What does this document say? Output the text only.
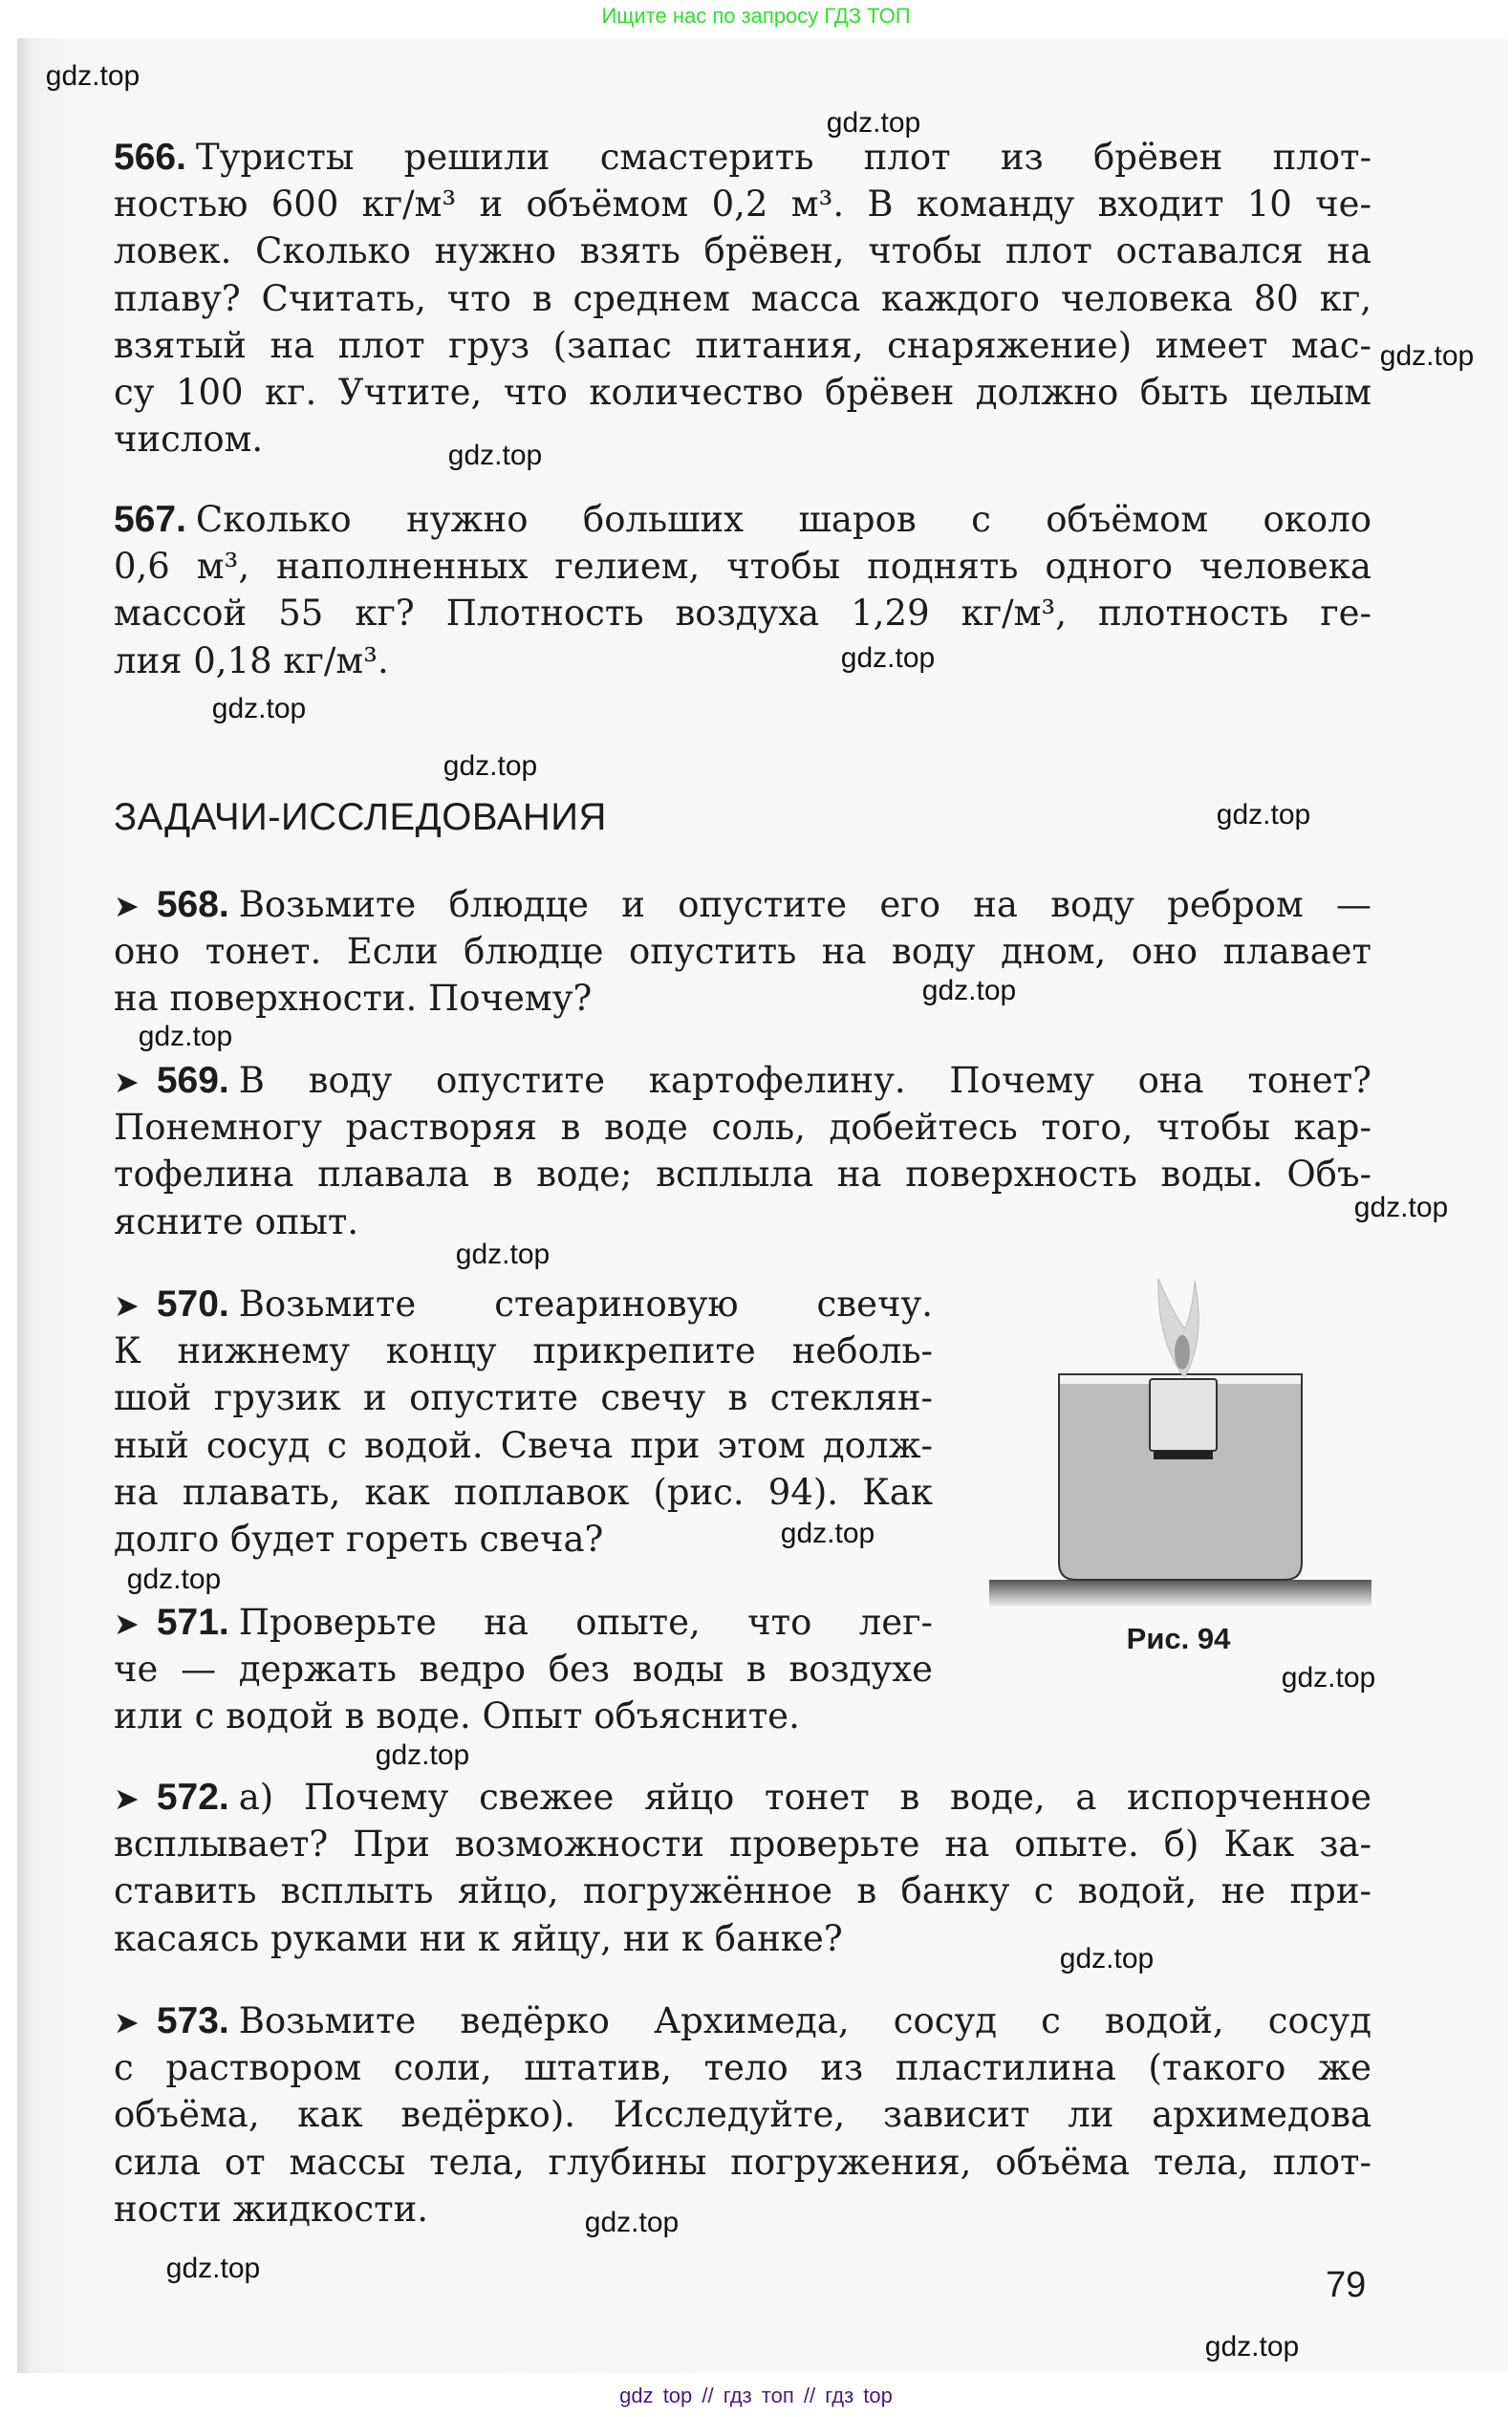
Ищите нас по запросу ГДЗ ТОП
566. Туристы решили смастерить плот из брёвен плот-
ностью 600 кг/м³ и объёмом 0,2 м³. В команду входит 10 че-
ловек. Сколько нужно взять брёвен, чтобы плот оставался на
плаву? Считать, что в среднем масса каждого человека 80 кг,
взятый на плот груз (запас питания, снаряжение) имеет мас-
су 100 кг. Учтите, что количество брёвен должно быть целым
числом.
567. Сколько нужно больших шаров с объёмом около
0,6 м³, наполненных гелием, чтобы поднять одного человека
массой 55 кг? Плотность воздуха 1,29 кг/м³, плотность ге-
лия 0,18 кг/м³.
➤ 568. Возьмите блюдце и опустите его на воду ребром —
оно тонет. Если блюдце опустить на воду дном, оно плавает
на поверхности. Почему?
➤ 569. В воду опустите картофелину. Почему она тонет?
Понемногу растворяя в воде соль, добейтесь того, чтобы кар-
тофелина плавала в воде; всплыла на поверхность воды. Объ-
ясните опыт.
➤ 570. Возьмите стеариновую свечу.
К нижнему концу прикрепите неболь-
шой грузик и опустите свечу в стеклян-
ный сосуд с водой. Свеча при этом долж-
на плавать, как поплавок (рис. 94). Как
долго будет гореть свеча?
➤ 571. Проверьте на опыте, что лег-
че — держать ведро без воды в воздухе
или с водой в воде. Опыт объясните.
➤ 572. а) Почему свежее яйцо тонет в воде, а испорченное
всплывает? При возможности проверьте на опыте. б) Как за-
ставить всплыть яйцо, погружённое в банку с водой, не при-
касаясь руками ни к яйцу, ни к банке?
➤ 573. Возьмите ведёрко Архимеда, сосуд с водой, сосуд
с раствором соли, штатив, тело из пластилина (такого же
объёма, как ведёрко). Исследуйте, зависит ли архимедова
сила от массы тела, глубины погружения, объёма тела, плот-
ности жидкости.
ЗАДАЧИ-ИССЛЕДОВАНИЯ
Рис. 94
79
gdz top // гдз топ // гдз top
gdz.top
gdz.top
gdz.top
gdz.top
gdz.top
gdz.top
gdz.top
gdz.top
gdz.top
gdz.top
gdz.top
gdz.top
gdz.top
gdz.top
gdz.top
gdz.top
gdz.top
gdz.top
gdz.top
gdz.top
